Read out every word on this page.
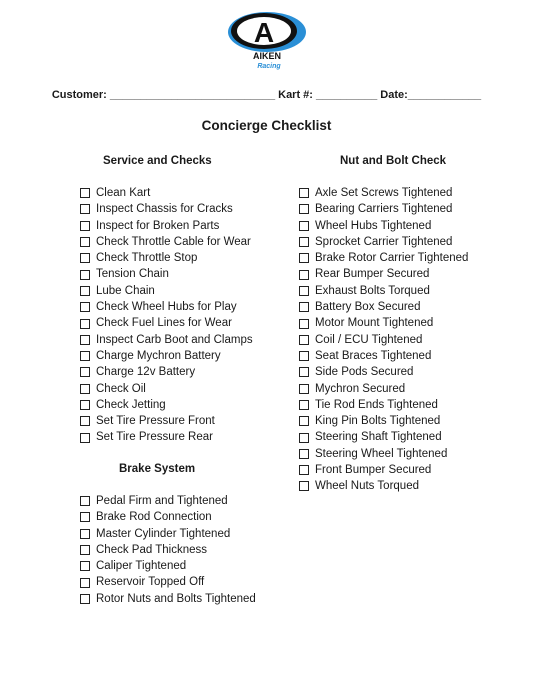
A
AIKEN
Racing
Customer: ___________________________ Kart #: __________ Date:____________
Concierge Checklist
Service and Checks
Clean Kart
Inspect Chassis for Cracks
Inspect for Broken Parts
Check Throttle Cable for Wear
Check Throttle Stop
Tension Chain
Lube Chain
Check Wheel Hubs for Play
Check Fuel Lines for Wear
Inspect Carb Boot and Clamps
Charge Mychron Battery
Charge 12v Battery
Check Oil
Check Jetting
Set Tire Pressure Front
Set Tire Pressure Rear
Brake System
Pedal Firm and Tightened
Brake Rod Connection
Master Cylinder Tightened
Check Pad Thickness
Caliper Tightened
Reservoir Topped Off
Rotor Nuts and Bolts Tightened
Nut and Bolt Check
Axle Set Screws Tightened
Bearing Carriers Tightened
Wheel Hubs Tightened
Sprocket Carrier Tightened
Brake Rotor Carrier Tightened
Rear Bumper Secured
Exhaust Bolts Torqued
Battery Box Secured
Motor Mount Tightened
Coil / ECU Tightened
Seat Braces Tightened
Side Pods Secured
Mychron Secured
Tie Rod Ends Tightened
King Pin Bolts Tightened
Steering Shaft Tightened
Steering Wheel Tightened
Front Bumper Secured
Wheel Nuts Torqued
